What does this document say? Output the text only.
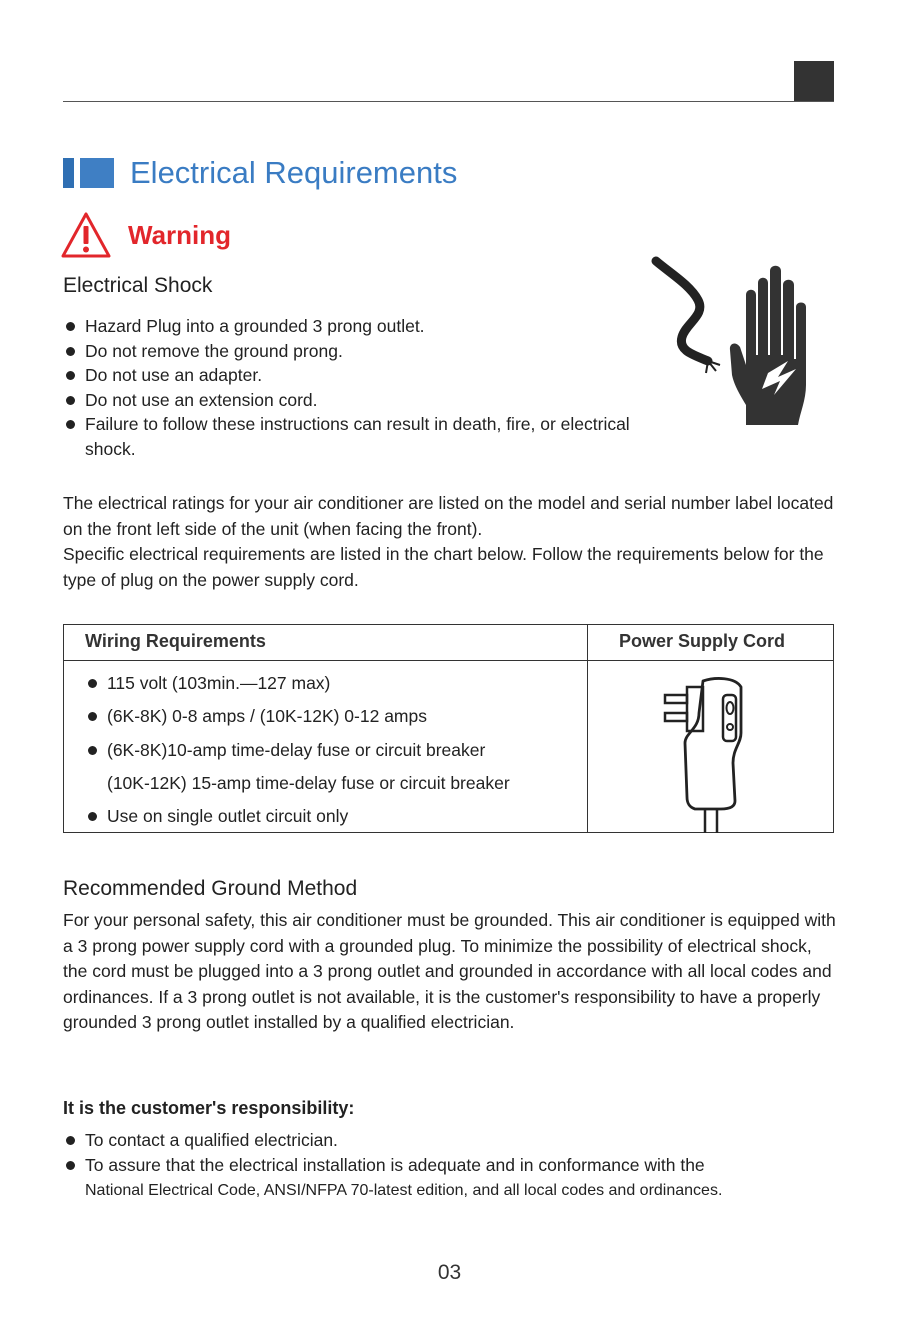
Electrical Requirements
Warning
Electrical Shock
Hazard Plug into a grounded 3 prong outlet.
Do not remove the ground prong.
Do not use an adapter.
Do not use an extension cord.
Failure to follow these instructions can result in death, fire, or electrical shock.
The electrical ratings for your air conditioner are listed on the model and serial number label located on the front left side of the unit (when facing the front).
Specific electrical requirements are listed in the chart below. Follow the requirements below for the type of plug on the power supply cord.
Wiring Requirements	Power Supply Cord
115 volt (103min.—127 max)
(6K-8K) 0-8 amps / (10K-12K) 0-12 amps
(6K-8K)10-amp time-delay fuse or circuit breaker
(10K-12K) 15-amp time-delay fuse or circuit breaker
Use on single outlet circuit only
Recommended Ground Method
For your personal safety, this air conditioner must be grounded. This air conditioner is equipped with a 3 prong power supply cord with a grounded plug. To minimize the possibility of electrical shock, the cord must be plugged into a 3 prong outlet and grounded in accordance with all local codes and ordinances. If a 3 prong outlet is not available, it is the customer's responsibility to have a properly grounded 3 prong outlet installed by a qualified electrician.
It is the customer's responsibility:
To contact a qualified electrician.
To assure that the electrical installation is adequate and in conformance with the
National Electrical Code, ANSI/NFPA 70-latest edition, and all local codes and ordinances.
03
